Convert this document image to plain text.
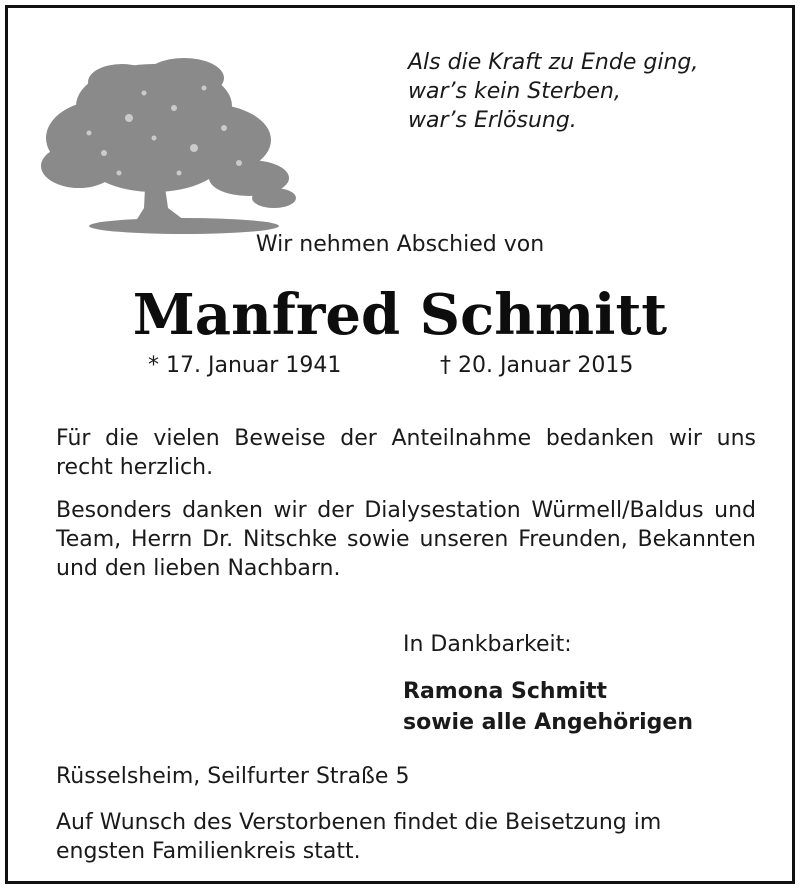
Als die Kraft zu Ende ging,
war’s kein Sterben,
war’s Erlösung.
Wir nehmen Abschied von
Manfred Schmitt
* 17. Januar 1941	† 20. Januar 2015
Für die vielen Beweise der Anteilnahme bedanken wir uns recht herzlich.
Besonders danken wir der Dialysestation Würmell/Baldus und Team, Herrn Dr. Nitschke sowie unseren Freunden, Bekannten und den lieben Nachbarn.
In Dankbarkeit:
Ramona Schmitt
sowie alle Angehörigen
Rüsselsheim, Seilfurter Straße 5
Auf Wunsch des Verstorbenen findet die Beisetzung im engsten Familienkreis statt.
